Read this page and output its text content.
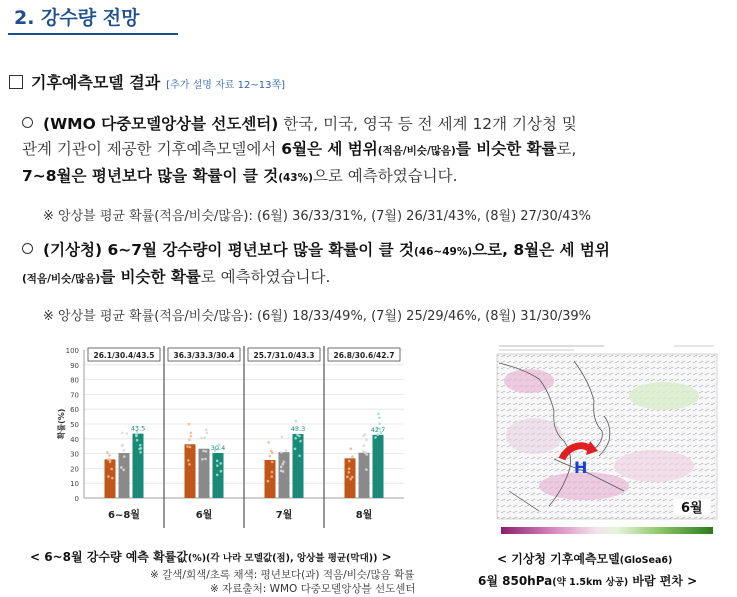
2. 강수량 전망
기후예측모델 결과 [추가 설명 자료 12~13쪽]
(WMO 다중모델앙상블 선도센터) 한국, 미국, 영국 등 전 세계 12개 기상청 및
관계 기관이 제공한 기후예측모델에서 6월은 세 범위(적음/비슷/많음)를 비슷한 확률로,
7~8월은 평년보다 많을 확률이 클 것(43%)으로 예측하였습니다.
※ 앙상블 평균 확률(적음/비슷/많음): (6월) 36/33/31%, (7월) 26/31/43%, (8월) 27/30/43%
(기상청) 6~7월 강수량이 평년보다 많을 확률이 클 것(46~49%)으로, 8월은 세 범위
(적음/비슷/많음)를 비슷한 확률로 예측하였습니다.
※ 앙상블 평균 확률(적음/비슷/많음): (6월) 18/33/49%, (7월) 25/29/46%, (8월) 31/30/39%
0
10
20
30
40
50
60
70
80
90
100
확률(%)
26.1/30.4/43.5
43.5
6~8월
36.3/33.3/30.4
30.4
6월
25.7/31.0/43.3
43.3
7월
26.8/30.6/42.7
42.7
8월
< 6~8월 강수량 예측 확률값(%)(각 나라 모델값(점), 앙상블 평균(막대)) >
※ 갈색/회색/초록 채색: 평년보다(과) 적음/비슷/많음 확률
※ 자료출처: WMO 다중모델앙상블 선도센터
H
6월
< 기상청 기후예측모델(GloSea6)
6월 850hPa(약 1.5km 상공) 바람 편차 >
